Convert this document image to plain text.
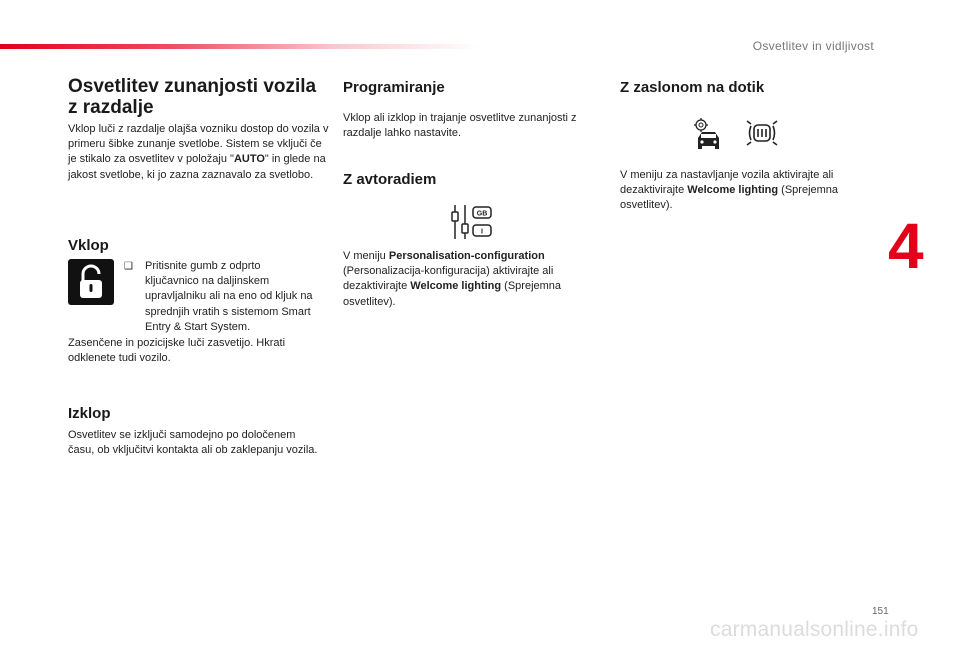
Osvetlitev in vidljivost
4
Osvetlitev zunanjosti vozila z razdalje
Vklop luči z razdalje olajša vozniku dostop do vozila v primeru šibke zunanje svetlobe. Sistem se vključi če je stikalo za osvetlitev v položaju "AUTO" in glede na jakost svetlobe, ki jo zazna zaznavalo za svetlobo.
Vklop
❑ Pritisnite gumb z odprto ključavnico na daljinskem upravljalniku ali na eno od kljuk na sprednjih vratih s sistemom Smart Entry & Start System.
Zasenčene in pozicijske luči zasvetijo. Hkrati odklenete tudi vozilo.
Izklop
Osvetlitev se izključi samodejno po določenem času, ob vključitvi kontakta ali ob zaklepanju vozila.
Programiranje
Vklop ali izklop in trajanje osvetlitve zunanjosti z razdalje lahko nastavite.
Z avtoradiem
GB
I
V meniju Personalisation-configuration (Personalizacija-konfiguracija) aktivirajte ali dezaktivirajte Welcome lighting (Sprejemna osvetlitev).
Z zaslonom na dotik
V meniju za nastavljanje vozila aktivirajte ali dezaktivirajte Welcome lighting (Sprejemna osvetlitev).
151
carmanualsonline.info
